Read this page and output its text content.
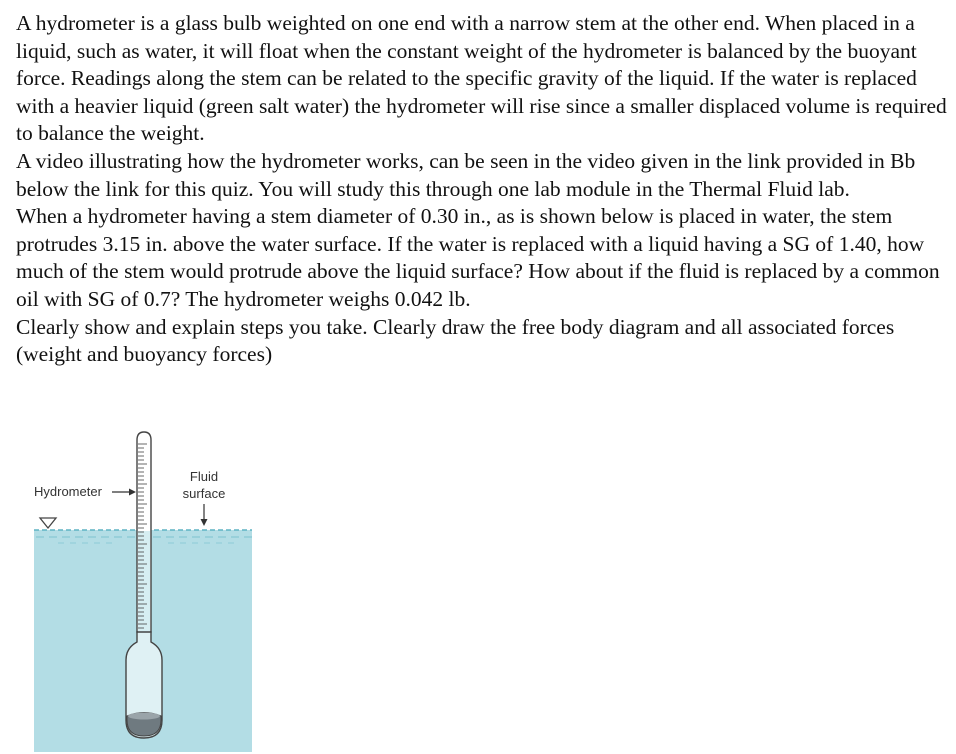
A hydrometer is a glass bulb weighted on one end with a narrow stem at the other end. When placed in a liquid, such as water, it will float when the constant weight of the hydrometer is balanced by the buoyant force. Readings along the stem can be related to the specific gravity of the liquid. If the water is replaced with a heavier liquid (green salt water) the hydrometer will rise since a smaller displaced volume is required to balance the weight.

A video illustrating how the hydrometer works, can be seen in the video given in the link provided in Bb below the link for this quiz. You will study this through one lab module in the Thermal Fluid lab.

When a hydrometer having a stem diameter of 0.30 in., as is shown below is placed in water, the stem protrudes 3.15 in. above the water surface. If the water is replaced with a liquid having a SG of 1.40, how much of the stem would protrude above the liquid surface? How about if the fluid is replaced by a common oil with SG of 0.7? The hydrometer weighs 0.042 lb.

Clearly show and explain steps you take. Clearly draw the free body diagram and all associated forces (weight and buoyancy forces)

Hydrometer
Fluid
surface
